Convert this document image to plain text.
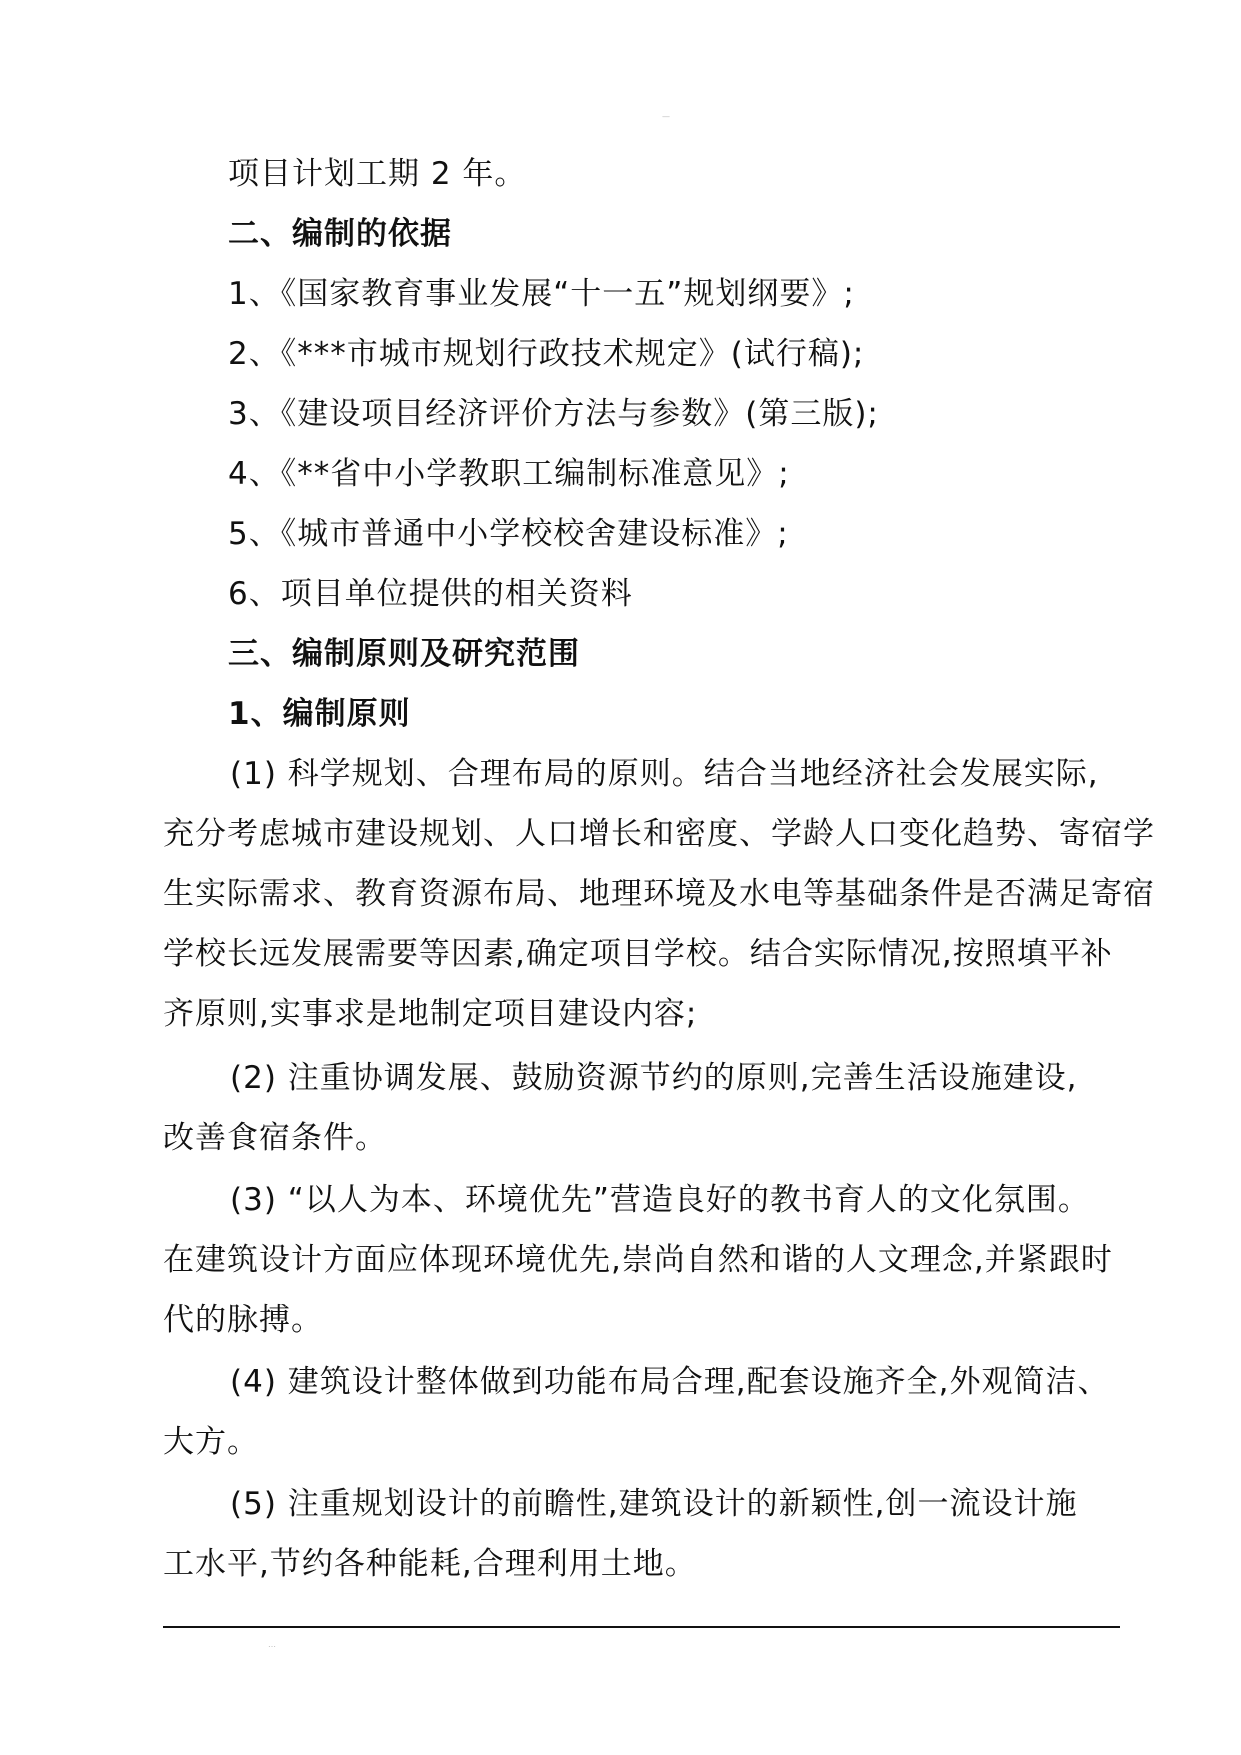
—
项目计划工期 2 年。
二、编制的依据
1、《国家教育事业发展“十一五”规划纲要》;
2、《***市城市规划行政技术规定》(试行稿);
3、《建设项目经济评价方法与参数》(第三版);
4、《**省中小学教职工编制标准意见》;
5、《城市普通中小学校校舍建设标准》;
6、项目单位提供的相关资料
三、编制原则及研究范围
1、编制原则
(1) 科学规划、合理布局的原则。结合当地经济社会发展实际,
充分考虑城市建设规划、人口增长和密度、学龄人口变化趋势、寄宿学
生实际需求、教育资源布局、地理环境及水电等基础条件是否满足寄宿
学校长远发展需要等因素,确定项目学校。结合实际情况,按照填平补
齐原则,实事求是地制定项目建设内容;
(2) 注重协调发展、鼓励资源节约的原则,完善生活设施建设,
改善食宿条件。
(3) “以人为本、环境优先”营造良好的教书育人的文化氛围。
在建筑设计方面应体现环境优先,崇尚自然和谐的人文理念,并紧跟时
代的脉搏。
(4) 建筑设计整体做到功能布局合理,配套设施齐全,外观简洁、
大方。
(5) 注重规划设计的前瞻性,建筑设计的新颖性,创一流设计施
工水平,节约各种能耗,合理利用土地。
…
